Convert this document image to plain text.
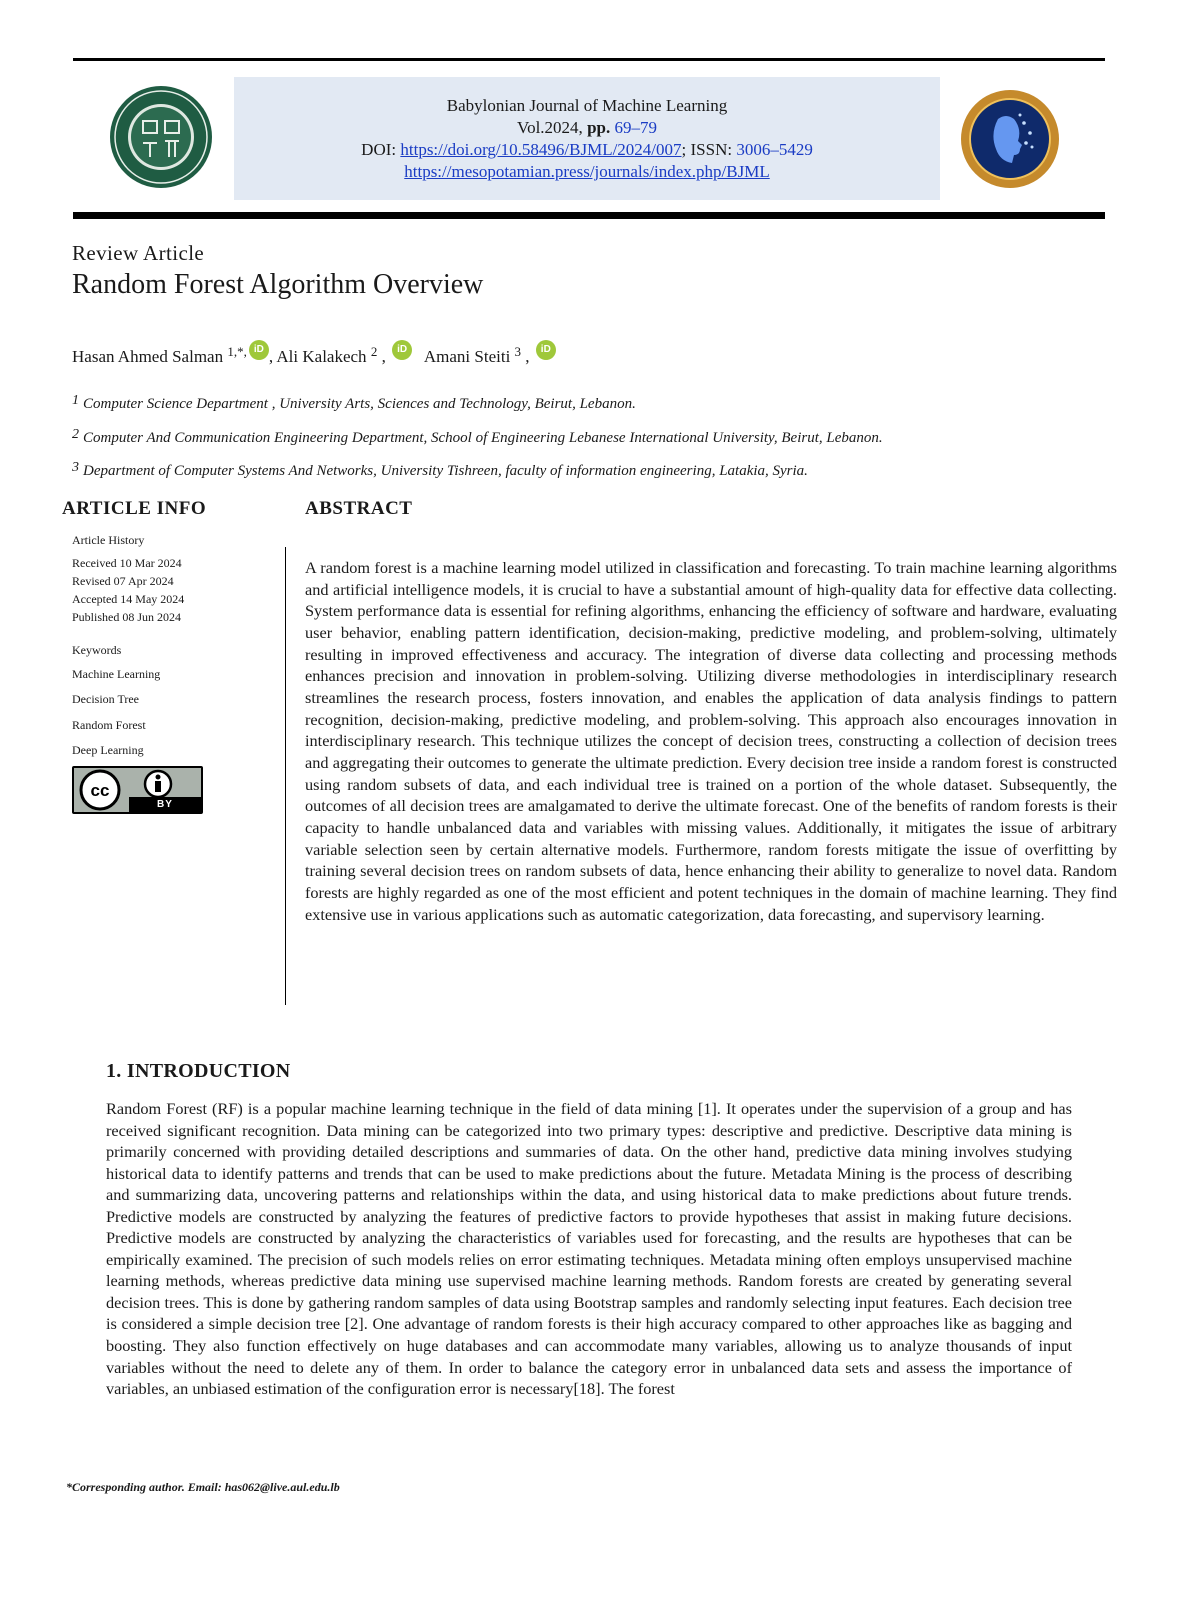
Babylonian Journal of Machine Learning
Vol.2024, pp. 69–79
DOI: https://doi.org/10.58496/BJML/2024/007; ISSN: 3006–5429
https://mesopotamian.press/journals/index.php/BJML
Review Article
Random Forest Algorithm Overview
Hasan Ahmed Salman $^{1,*,}$ iD , Ali Kalakech $^2$ , iD Amani Steiti $^3$ , iD
$^1$ Computer Science Department , University Arts, Sciences and Technology, Beirut, Lebanon.
$^2$ Computer And Communication Engineering Department, School of Engineering Lebanese International University, Beirut, Lebanon.
$^3$ Department of Computer Systems And Networks, University Tishreen, faculty of information engineering, Latakia, Syria.
ARTICLE INFO	ABSTRACT
Article History
Received 10 Mar 2024
Revised 07 Apr 2024
Accepted 14 May 2024
Published 08 Jun 2024
Keywords
Machine Learning
Decision Tree
Random Forest
Deep Learning
cc
BY
A random forest is a machine learning model utilized in classification and forecasting. To train machine learning algorithms and artificial intelligence models, it is crucial to have a substantial amount of high-quality data for effective data collecting. System performance data is essential for refining algorithms, enhancing the efficiency of software and hardware, evaluating user behavior, enabling pattern identification, decision-making, predictive modeling, and problem-solving, ultimately resulting in improved effectiveness and accuracy. The integration of diverse data collecting and processing methods enhances precision and innovation in problem-solving. Utilizing diverse methodologies in interdisciplinary research streamlines the research process, fosters innovation, and enables the application of data analysis findings to pattern recognition, decision-making, predictive modeling, and problem-solving. This approach also encourages innovation in interdisciplinary research. This technique utilizes the concept of decision trees, constructing a collection of decision trees and aggregating their outcomes to generate the ultimate prediction. Every decision tree inside a random forest is constructed using random subsets of data, and each individual tree is trained on a portion of the whole dataset. Subsequently, the outcomes of all decision trees are amalgamated to derive the ultimate forecast. One of the benefits of random forests is their capacity to handle unbalanced data and variables with missing values. Additionally, it mitigates the issue of arbitrary variable selection seen by certain alternative models. Furthermore, random forests mitigate the issue of overfitting by training several decision trees on random subsets of data, hence enhancing their ability to generalize to novel data. Random forests are highly regarded as one of the most efficient and potent techniques in the domain of machine learning. They find extensive use in various applications such as automatic categorization, data forecasting, and supervisory learning.
1. INTRODUCTION
Random Forest (RF) is a popular machine learning technique in the field of data mining [1]. It operates under the supervision of a group and has received significant recognition. Data mining can be categorized into two primary types: descriptive and predictive. Descriptive data mining is primarily concerned with providing detailed descriptions and summaries of data. On the other hand, predictive data mining involves studying historical data to identify patterns and trends that can be used to make predictions about the future. Metadata Mining is the process of describing and summarizing data, uncovering patterns and relationships within the data, and using historical data to make predictions about future trends. Predictive models are constructed by analyzing the features of predictive factors to provide hypotheses that assist in making future decisions. Predictive models are constructed by analyzing the characteristics of variables used for forecasting, and the results are hypotheses that can be empirically examined. The precision of such models relies on error estimating techniques. Metadata mining often employs unsupervised machine learning methods, whereas predictive data mining use supervised machine learning methods. Random forests are created by generating several decision trees. This is done by gathering random samples of data using Bootstrap samples and randomly selecting input features. Each decision tree is considered a simple decision tree [2]. One advantage of random forests is their high accuracy compared to other approaches like as bagging and boosting. They also function effectively on huge databases and can accommodate many variables, allowing us to analyze thousands of input variables without the need to delete any of them. In order to balance the category error in unbalanced data sets and assess the importance of variables, an unbiased estimation of the configuration error is necessary[18]. The forest
*Corresponding author. Email: has062@live.aul.edu.lb
